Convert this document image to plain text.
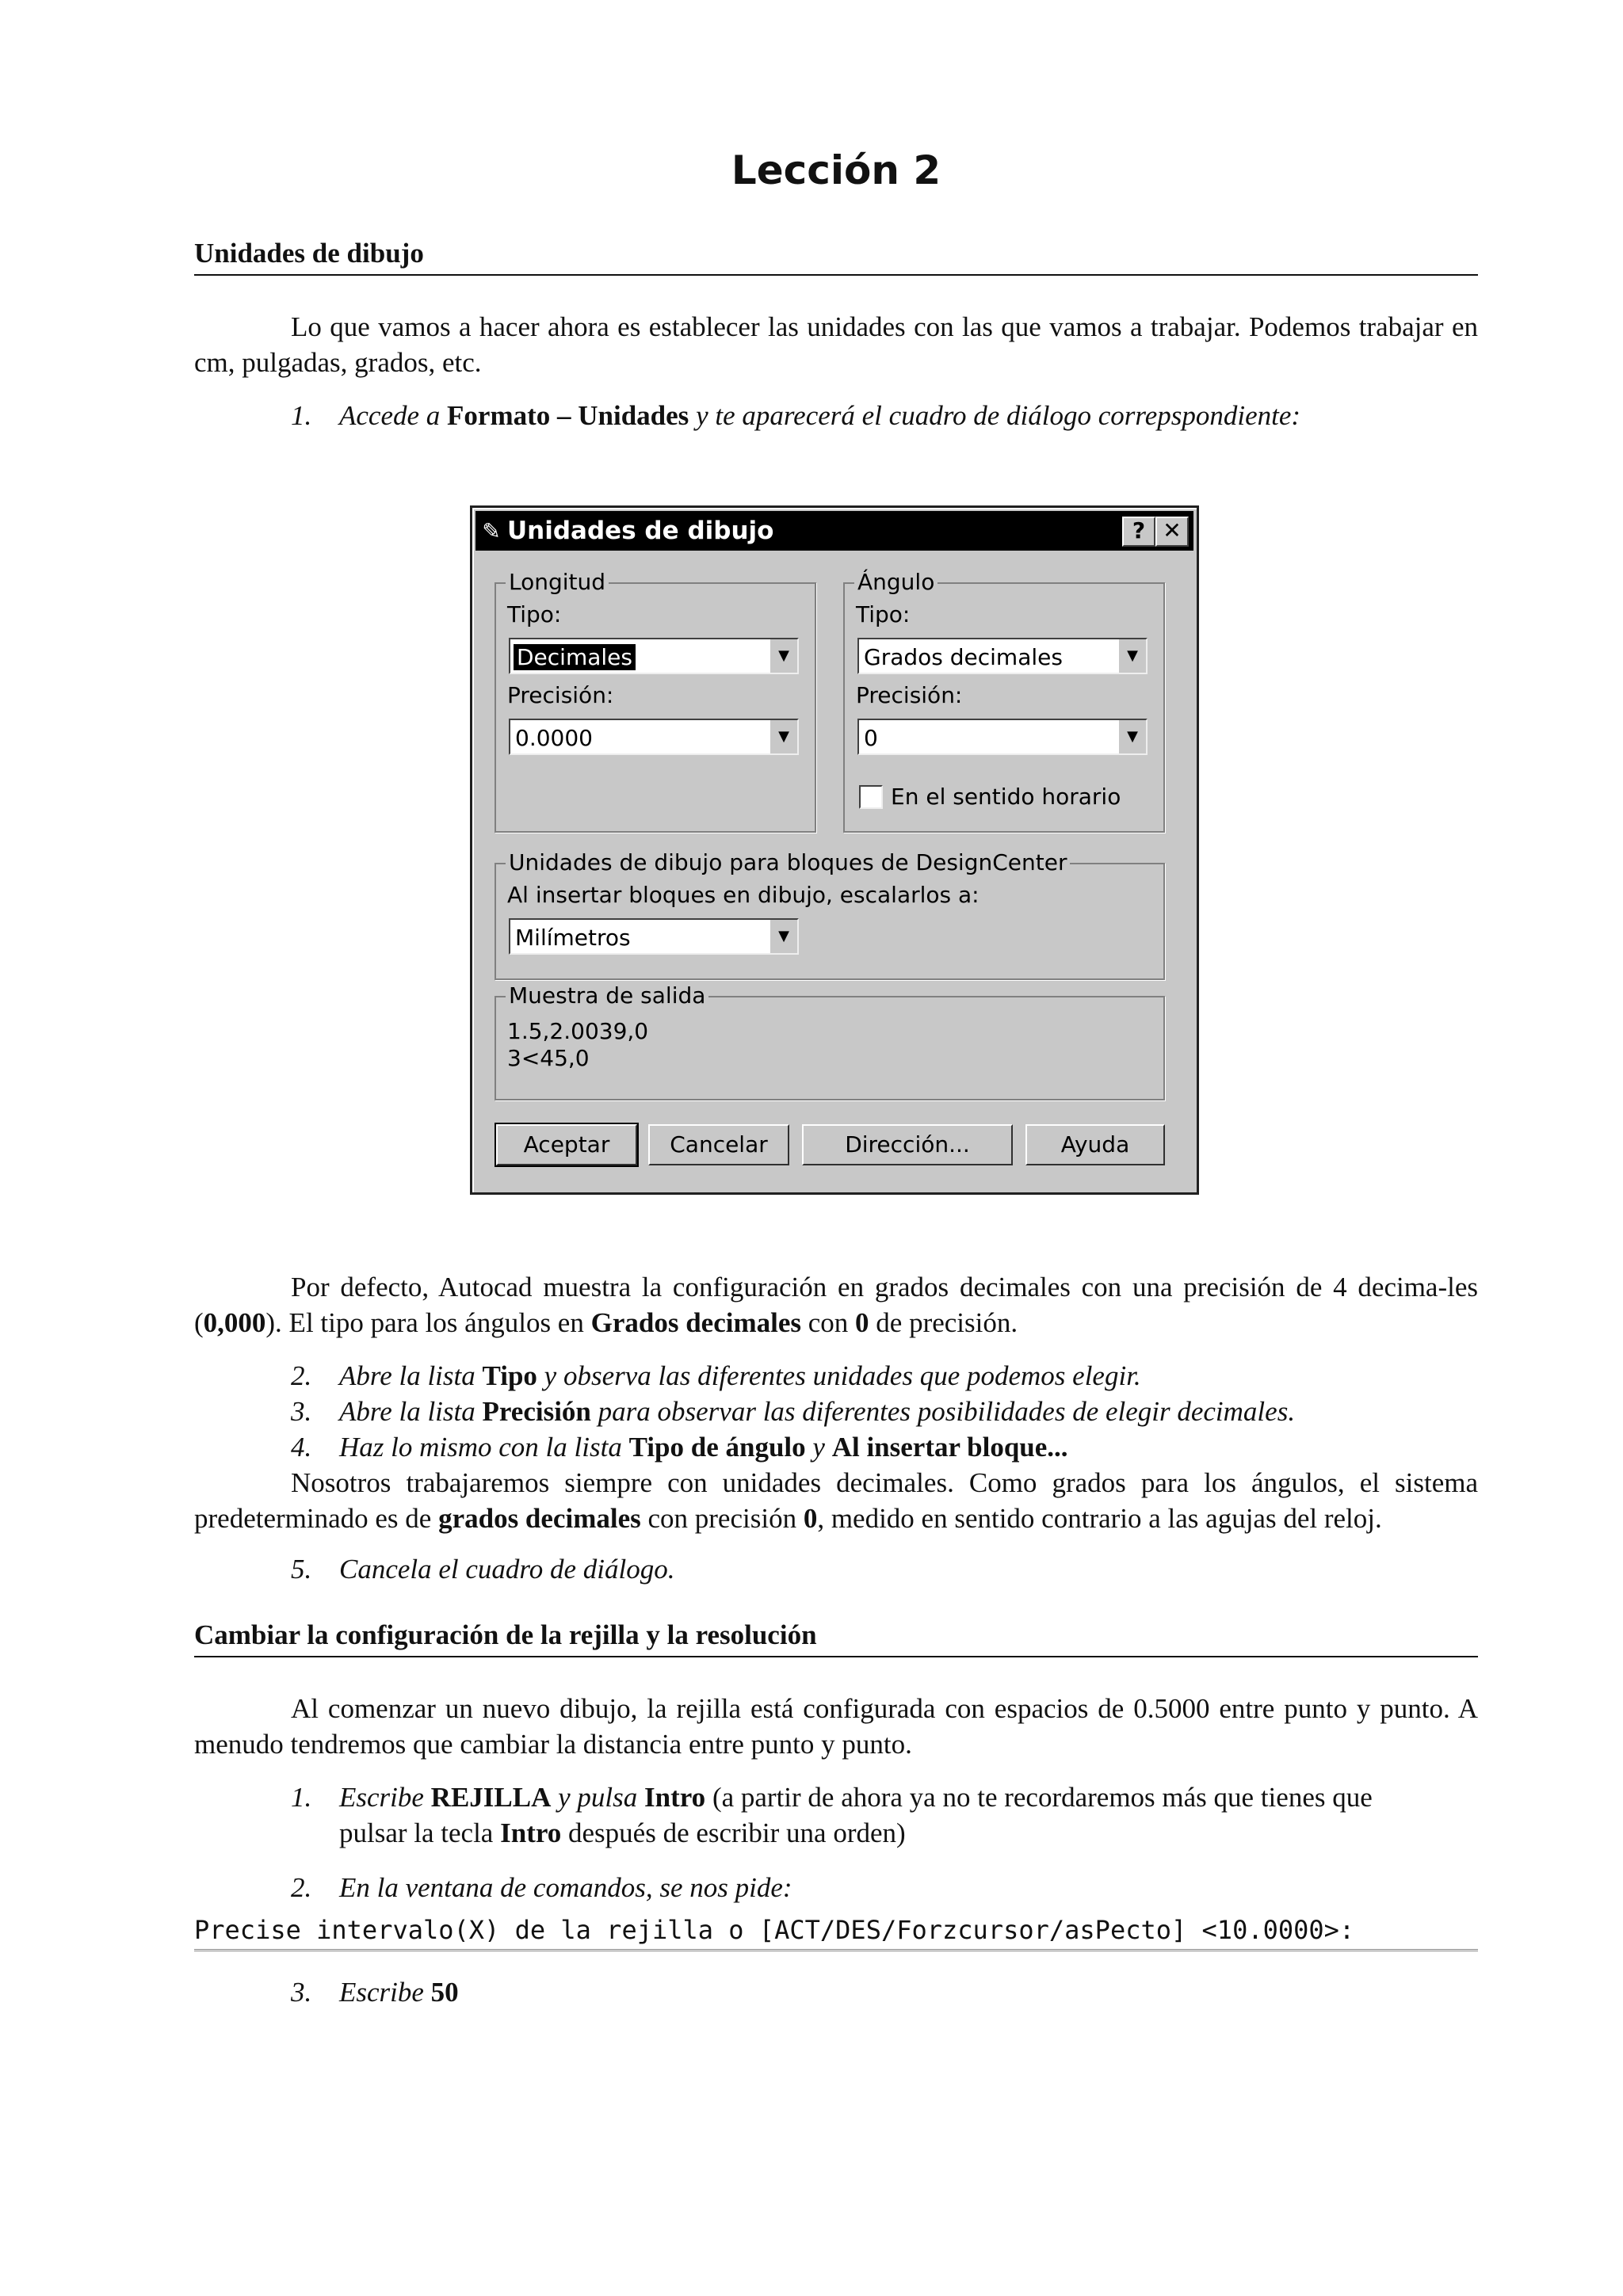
Lección 2
Unidades de dibujo
Lo que vamos a hacer ahora es establecer las unidades con las que vamos a trabajar. Podemos trabajar en cm, pulgadas, grados, etc.
1. Accede a Formato – Unidades y te aparecerá el cuadro de diálogo correpspondiente:
Por defecto, Autocad muestra la configuración en grados decimales con una precisión de 4 decima-les (0,000). El tipo para los ángulos en Grados decimales con 0 de precisión.
2. Abre la lista Tipo y observa las diferentes unidades que podemos elegir.
3. Abre la lista Precisión para observar las diferentes posibilidades de elegir decimales.
4. Haz lo mismo con la lista Tipo de ángulo y Al insertar bloque...
Nosotros trabajaremos siempre con unidades decimales. Como grados para los ángulos, el sistema predeterminado es de grados decimales con precisión 0, medido en sentido contrario a las agujas del reloj.
5. Cancela el cuadro de diálogo.
Cambiar la configuración de la rejilla y la resolución
Al comenzar un nuevo dibujo, la rejilla está configurada con espacios de 0.5000 entre punto y punto. A menudo tendremos que cambiar la distancia entre punto y punto.
1. Escribe REJILLA y pulsa Intro (a partir de ahora ya no te recordaremos más que tienes que
pulsar la tecla Intro después de escribir una orden)
2. En la ventana de comandos, se nos pide:
Precise intervalo(X) de la rejilla o [ACT/DES/Forzcursor/asPecto] <10.0000>:
3. Escribe 50
✎ Unidades de dibujo	? ✕
Longitud
Tipo:
Decimales	▼
Precisión:
0.0000	▼
Ángulo
Tipo:
Grados decimales	▼
Precisión:
0	▼
En el sentido horario
Unidades de dibujo para bloques de DesignCenter
Al insertar bloques en dibujo, escalarlos a:
Milímetros	▼
Muestra de salida
1.5,2.0039,0
3<45,0
Aceptar	Cancelar	Dirección...	Ayuda
